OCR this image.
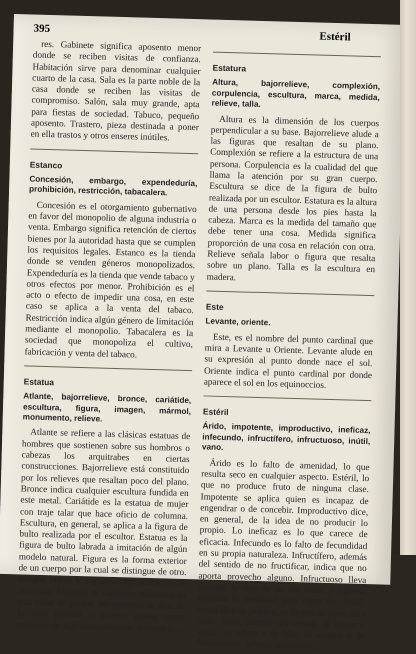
395
Estéril

res. Gabinete significa aposento menor donde se reciben visitas de confianza. Habitación sirve para denominar cualquier cuarto de la casa. Sala es la parte noble de la casa donde se reciben las visitas de compromiso. Salón, sala muy grande, apta para fiestas de sociedad. Tabuco, pequeño aposento. Trastero, pieza destinada a poner en ella trastos y otros enseres inútiles.

Estanco
Concesión, embargo, expendeduría, prohibición, restricción, tabacalera.

Concesión es el otorgamiento gubernativo en favor del monopolio de alguna industria o venta. Embargo significa retención de ciertos bienes por la autoridad hasta que se cumplen los requisitos legales. Estanco es la tienda donde se venden géneros monopolizados. Expendeduría es la tienda que vende tabaco y otros efectos por menor. Prohibición es el acto o efecto de impedir una cosa, en este caso se aplica a la venta del tabaco. Restricción indica algún género de limitación mediante el monopolio. Tabacalera es la sociedad que monopoliza el cultivo, fabricación y venta del tabaco.

Estatua
Atlante, bajorrelieve, bronce, cariátide, escultura, figura, imagen, mármol, monumento, relieve.

Atlante se refiere a las clásicas estatuas de hombres que sostienen sobre sus hombros o cabezas los arquitrabes en ciertas construcciones. Bajorrelieve está constituido por los relieves que resaltan poco del plano. Bronce indica cualquier escultura fundida en este metal. Cariátide es la estatua de mujer con traje talar que hace oficio de columna. Escultura, en general, se aplica a la figura de bulto realizada por el escultor. Estatua es la figura de bulto labrada a imitación de algún modelo natural. Figura es la forma exterior de un cuerpo por la cual se distingue de otro. Imagen indica la figura o representación de una cosa. Mármol es cualquier escultura en esta clase de piedra. Monumento se dice de la obra pública y patente puesta como recuerdo de algo extraordinario. Relieve es...

Estatura
Altura, bajorrelieve, complexión, corpulencia, escultura, marca, medida, relieve, talla.

Altura es la dimensión de los cuerpos perpendicular a su base. Bajorrelieve alude a las figuras que resaltan de su plano. Complexión se refiere a la estructura de una persona. Corpulencia es la cualidad del que llama la atención por su gran cuerpo. Escultura se dice de la figura de bulto realizada por un escultor. Estatura es la altura de una persona desde los pies hasta la cabeza. Marca es la medida del tamaño que debe tener una cosa. Medida significa proporción de una cosa en relación con otra. Relieve señala labor o figura que resalta sobre un plano. Talla es la escultura en madera.

Este
Levante, oriente.

Este, es el nombre del punto cardinal que mira a Levante u Oriente. Levante alude en su expresión al punto donde nace el sol. Oriente indica el punto cardinal por donde aparece el sol en los equinoccios.

Estéril
Árido, impotente, improductivo, ineficaz, infecundo, infructífero, infructuoso, inútil, vano.

Árido es lo falto de amenidad, lo que resulta seco en cualquier aspecto. Estéril, lo que no produce fruto de ninguna clase. Impotente se aplica quien es incapaz de engendrar o de concebir. Improductivo dice, en general, de la idea de no producir lo propio. Lo ineficaz es lo que carece de eficacia. Infecundo es lo falto de fecundidad en su propia naturaleza. Infructífero, además del sentido de no fructificar, indica que no aporta provecho alguno. Infructuoso lleva consigo la idea de no dar fruto, y expresa también la inutilidad para algún fin. Inútil, como dice la palabra, es lo que no sirve para nada. Vano, además del sentido de hueco o vacío, se aplica a lo falto de solidez y de fundamento. Infértil, infecundo...
